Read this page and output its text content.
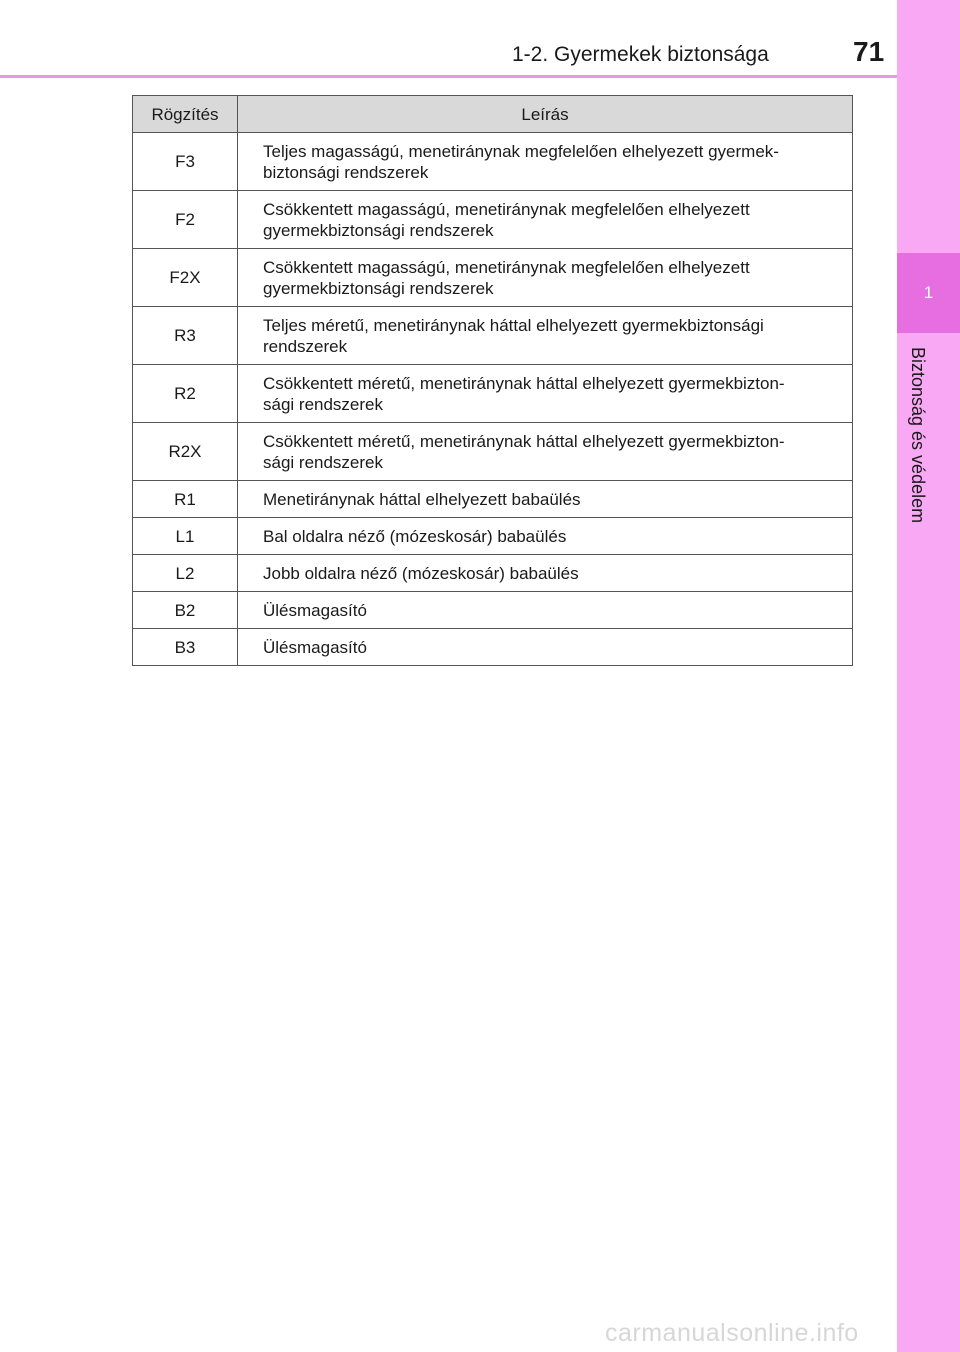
1
Biztonság és védelem
1-2. Gyermekek biztonsága	71
Rögzítés	Leírás
F3	Teljes magasságú, menetiránynak megfelelően elhelyezett gyermek-
biztonsági rendszerek
F2	Csökkentett magasságú, menetiránynak megfelelően elhelyezett
gyermekbiztonsági rendszerek
F2X	Csökkentett magasságú, menetiránynak megfelelően elhelyezett
gyermekbiztonsági rendszerek
R3	Teljes méretű, menetiránynak háttal elhelyezett gyermekbiztonsági
rendszerek
R2	Csökkentett méretű, menetiránynak háttal elhelyezett gyermekbizton-
sági rendszerek
R2X	Csökkentett méretű, menetiránynak háttal elhelyezett gyermekbizton-
sági rendszerek
R1	Menetiránynak háttal elhelyezett babaülés
L1	Bal oldalra néző (mózeskosár) babaülés
L2	Jobb oldalra néző (mózeskosár) babaülés
B2	Ülésmagasító
B3	Ülésmagasító
carmanualsonline.info
